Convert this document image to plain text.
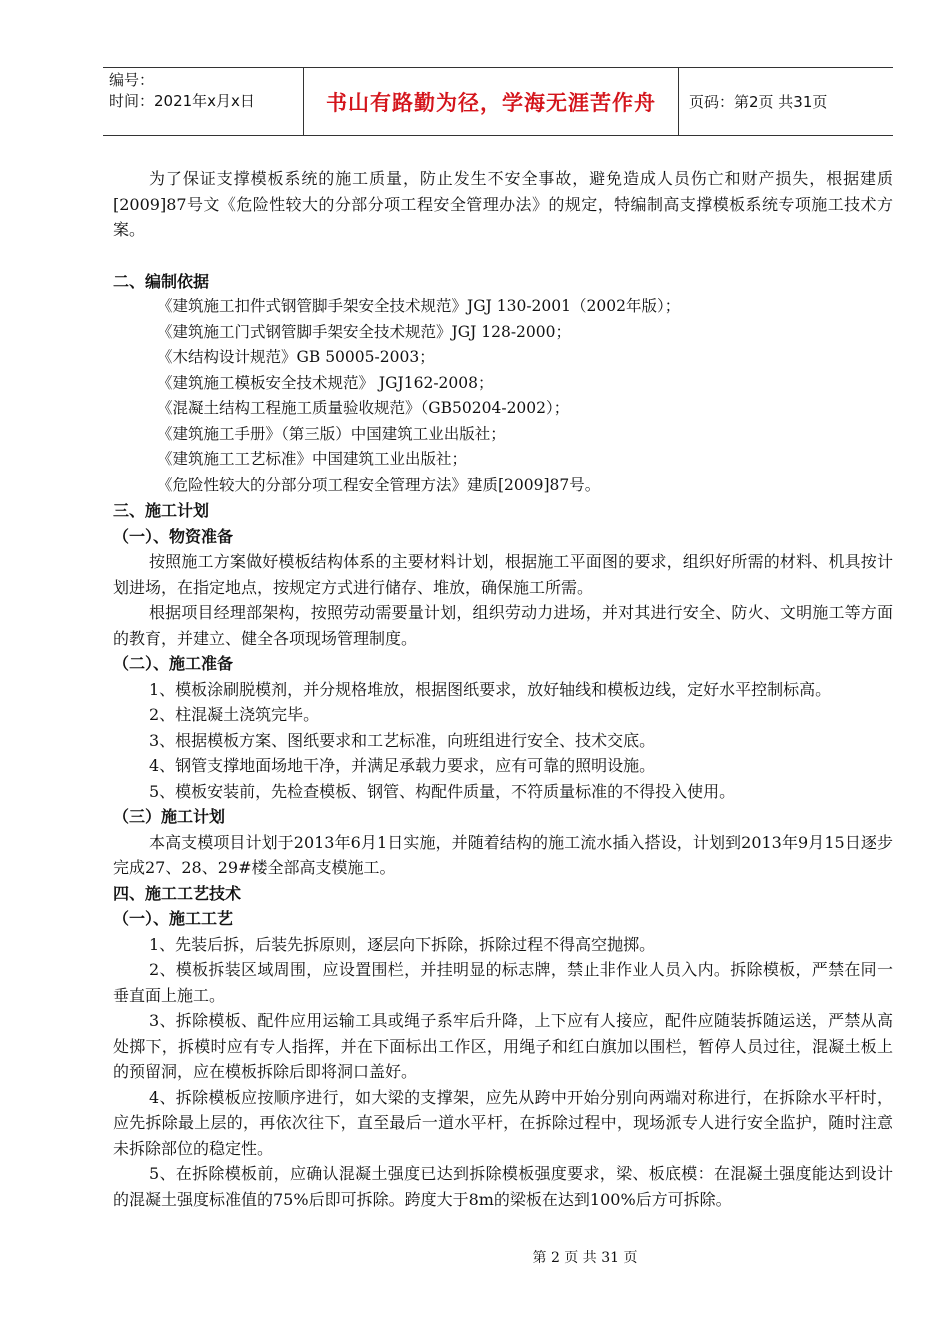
编号：
时间：2021年x月x日	书山有路勤为径，学海无涯苦作舟	页码：第2页 共31页

为了保证支撑模板系统的施工质量，防止发生不安全事故，避免造成人员伤亡和财产损失，根据建质[2009]87号文《危险性较大的分部分项工程安全管理办法》的规定，特编制高支撑模板系统专项施工技术方案。

二、编制依据

《建筑施工扣件式钢管脚手架安全技术规范》JGJ 130-2001（2002年版）；

《建筑施工门式钢管脚手架安全技术规范》JGJ 128-2000；

《木结构设计规范》GB 50005-2003；

《建筑施工模板安全技术规范》 JGJ162-2008；

《混凝土结构工程施工质量验收规范》（GB50204-2002）；

《建筑施工手册》（第三版）中国建筑工业出版社；

《建筑施工工艺标准》中国建筑工业出版社；

《危险性较大的分部分项工程安全管理方法》建质[2009]87号。

三、施工计划

（一）、物资准备

按照施工方案做好模板结构体系的主要材料计划，根据施工平面图的要求，组织好所需的材料、机具按计划进场，在指定地点，按规定方式进行储存、堆放，确保施工所需。

根据项目经理部架构，按照劳动需要量计划，组织劳动力进场，并对其进行安全、防火、文明施工等方面的教育，并建立、健全各项现场管理制度。

（二）、施工准备

1、模板涂刷脱模剂，并分规格堆放，根据图纸要求，放好轴线和模板边线，定好水平控制标高。

2、柱混凝土浇筑完毕。

3、根据模板方案、图纸要求和工艺标准，向班组进行安全、技术交底。

4、钢管支撑地面场地干净，并满足承载力要求，应有可靠的照明设施。

5、模板安装前，先检查模板、钢管、构配件质量，不符质量标准的不得投入使用。

（三）施工计划

本高支模项目计划于2013年6月1日实施，并随着结构的施工流水插入搭设，计划到2013年9月15日逐步完成27、28、29#楼全部高支模施工。

四、施工工艺技术

（一）、施工工艺

1、先装后拆，后装先拆原则，逐层向下拆除，拆除过程不得高空抛掷。

2、模板拆装区域周围，应设置围栏，并挂明显的标志牌，禁止非作业人员入内。拆除模板，严禁在同一垂直面上施工。

3、拆除模板、配件应用运输工具或绳子系牢后升降，上下应有人接应，配件应随装拆随运送，严禁从高处掷下，拆模时应有专人指挥，并在下面标出工作区，用绳子和红白旗加以围栏，暂停人员过往，混凝土板上的预留洞，应在模板拆除后即将洞口盖好。

4、拆除模板应按顺序进行，如大梁的支撑架，应先从跨中开始分别向两端对称进行，在拆除水平杆时，应先拆除最上层的，再依次往下，直至最后一道水平杆，在拆除过程中，现场派专人进行安全监护，随时注意未拆除部位的稳定性。

5、在拆除模板前，应确认混凝土强度已达到拆除模板强度要求，梁、板底模：在混凝土强度能达到设计的混凝土强度标准值的75%后即可拆除。跨度大于8m的梁板在达到100%后方可拆除。

第 2 页 共 31 页
